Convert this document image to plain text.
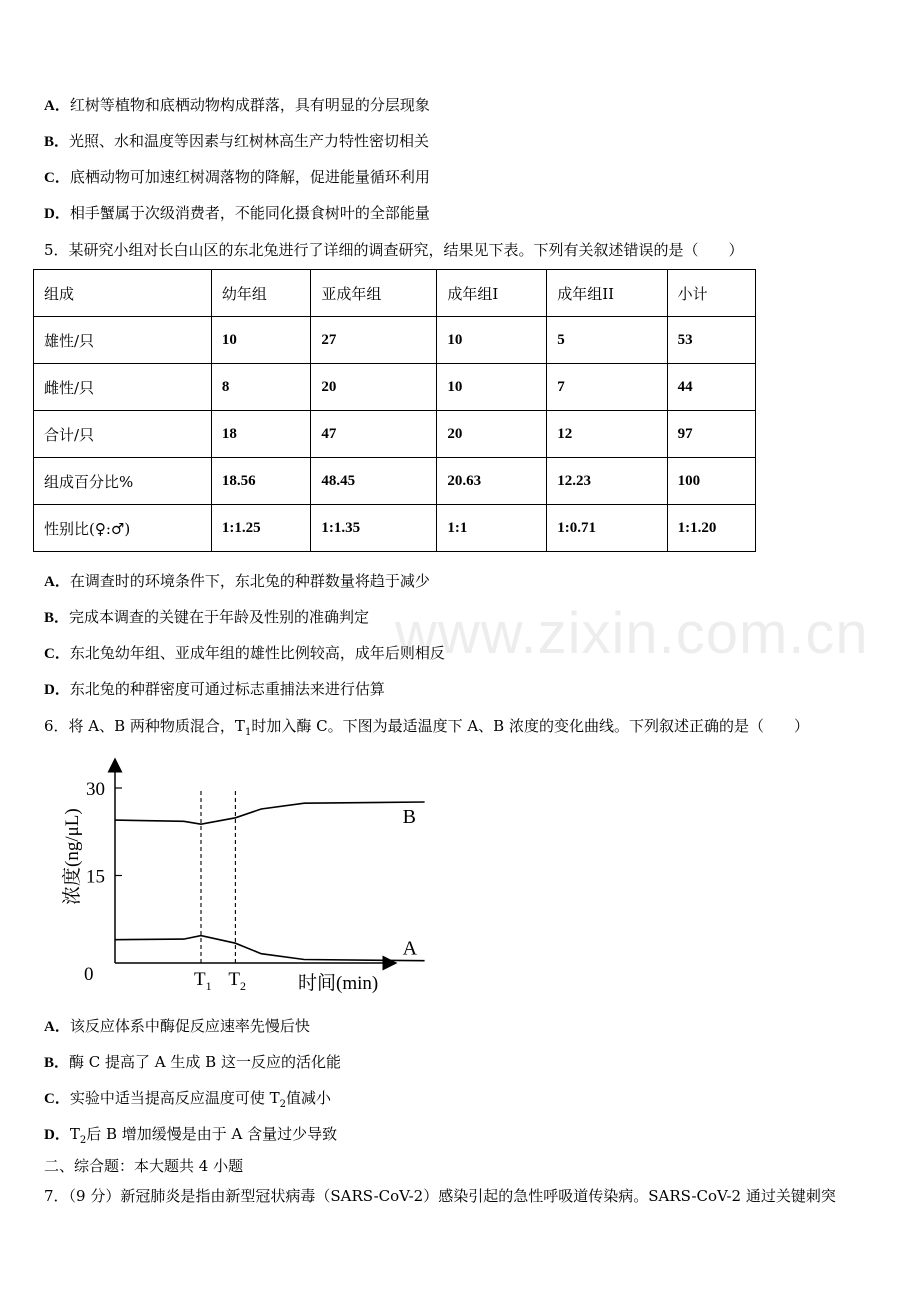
A．红树等植物和底栖动物构成群落，具有明显的分层现象
B．光照、水和温度等因素与红树林高生产力特性密切相关
C．底栖动物可加速红树凋落物的降解，促进能量循环利用
D．相手蟹属于次级消费者，不能同化摄食树叶的全部能量
5．某研究小组对长白山区的东北兔进行了详细的调查研究，结果见下表。下列有关叙述错误的是（　　）
组成	幼年组	亚成年组	成年组I	成年组II	小计
雄性/只	10	27	10	5	53
雌性/只	8	20	10	7	44
合计/只	18	47	20	12	97
组成百分比%	18.56	48.45	20.63	12.23	100
性别比(♀:♂)	1:1.25	1:1.35	1:1	1:0.71	1:1.20
A．在调查时的环境条件下，东北兔的种群数量将趋于减少
B．完成本调查的关键在于年龄及性别的准确判定
C．东北兔幼年组、亚成年组的雄性比例较高，成年后则相反
D．东北兔的种群密度可通过标志重捕法来进行估算
www.zixin.com.cn
6．将 A、B 两种物质混合，$T_1$时加入酶 C。下图为最适温度下 A、B 浓度的变化曲线。下列叙述正确的是（　　）
30
15
$T_1$ $T_2$
A
B
0
浓度(ng/μL)
时间(min)
A．该反应体系中酶促反应速率先慢后快
B．酶 C 提高了 A 生成 B 这一反应的活化能
C．实验中适当提高反应温度可使 $T_2$值减小
D．$T_2$后 B 增加缓慢是由于 A 含量过少导致
二、综合题：本大题共 4 小题
7．（9 分）新冠肺炎是指由新型冠状病毒（SARS-CoV-2）感染引起的急性呼吸道传染病。SARS-CoV-2 通过关键刺突
